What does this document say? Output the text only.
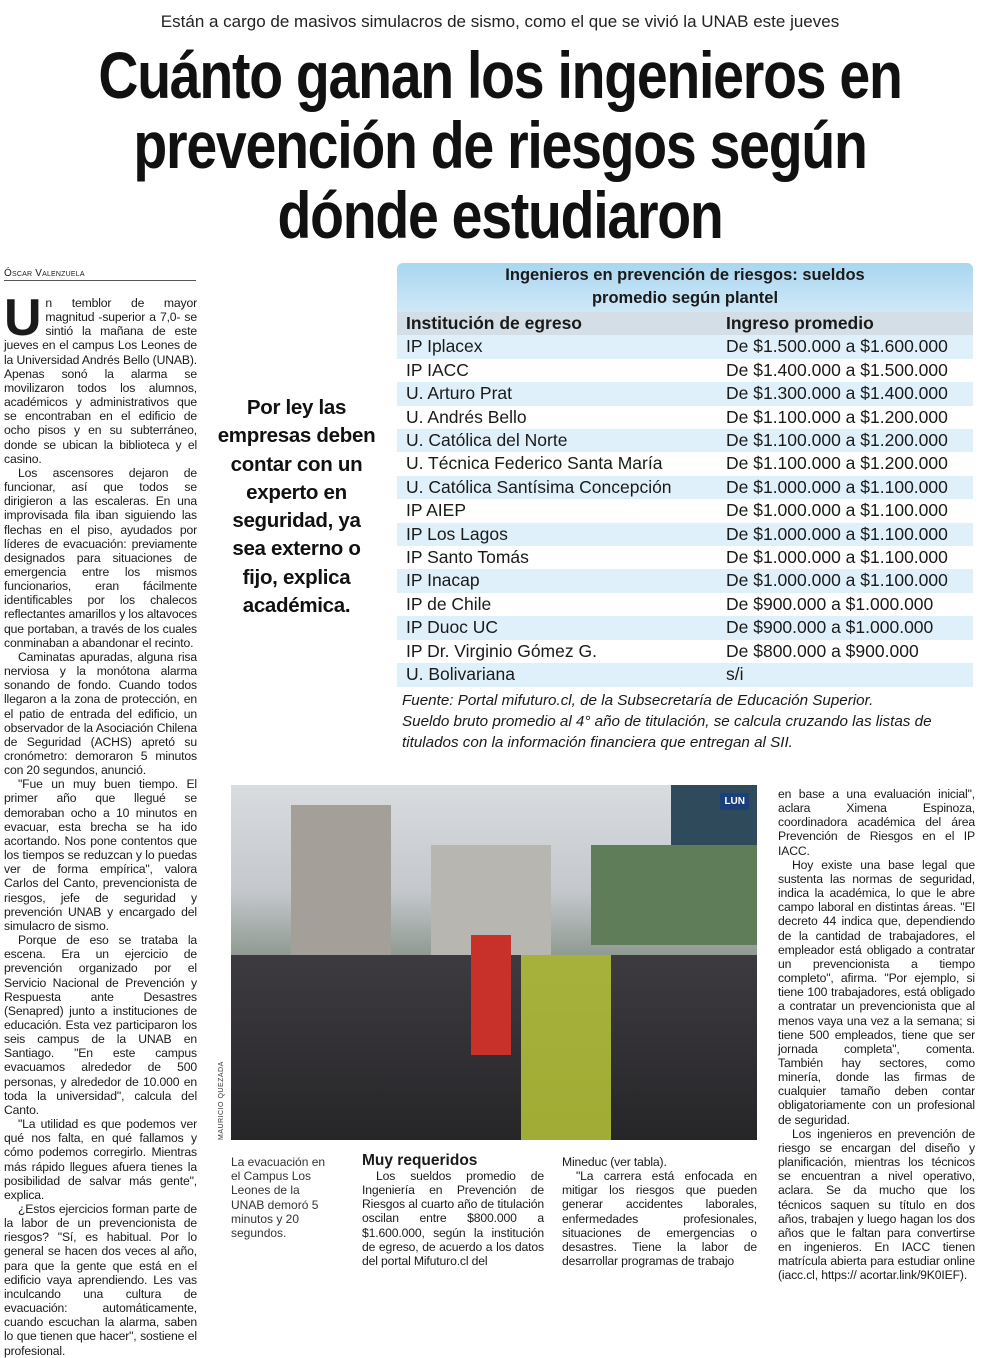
Están a cargo de masivos simulacros de sismo, como el que se vivió la UNAB este jueves
Cuánto ganan los ingenieros en
prevención de riesgos según
dónde estudiaron
Óscar Valenzuela

Un temblor de mayor magnitud -superior a 7,0- se sintió la mañana de este jueves en el campus Los Leones de la Universidad Andrés Bello (UNAB). Apenas sonó la alarma se movilizaron todos los alumnos, académicos y administrativos que se encontraban en el edificio de ocho pisos y en su subterráneo, donde se ubican la biblioteca y el casino.

Los ascensores dejaron de funcionar, así que todos se dirigieron a las escaleras. En una improvisada fila iban siguiendo las flechas en el piso, ayudados por líderes de evacuación: previamente designados para situaciones de emergencia entre los mismos funcionarios, eran fácilmente identificables por los chalecos reflectantes amarillos y los altavoces que portaban, a través de los cuales conminaban a abandonar el recinto.

Caminatas apuradas, alguna risa nerviosa y la monótona alarma sonando de fondo. Cuando todos llegaron a la zona de protección, en el patio de entrada del edificio, un observador de la Asociación Chilena de Seguridad (ACHS) apretó su cronómetro: demoraron 5 minutos con 20 segundos, anunció.

"Fue un muy buen tiempo. El primer año que llegué se demoraban ocho a 10 minutos en evacuar, esta brecha se ha ido acortando. Nos pone contentos que los tiempos se reduzcan y lo puedas ver de forma empírica", valora Carlos del Canto, prevencionista de riesgos, jefe de seguridad y prevención UNAB y encargado del simulacro de sismo.

Porque de eso se trataba la escena. Era un ejercicio de prevención organizado por el Servicio Nacional de Prevención y Respuesta ante Desastres (Senapred) junto a instituciones de educación. Esta vez participaron los seis campus de la UNAB en Santiago. "En este campus evacuamos alrededor de 500 personas, y alrededor de 10.000 en toda la universidad", calcula del Canto.

"La utilidad es que podemos ver qué nos falta, en qué fallamos y cómo podemos corregirlo. Mientras más rápido llegues afuera tienes la posibilidad de salvar más gente", explica.

¿Estos ejercicios forman parte de la labor de un prevencionista de riesgos? "Sí, es habitual. Por lo general se hacen dos veces al año, para que la gente que está en el edificio vaya aprendiendo. Les vas inculcando una cultura de evacuación: automáticamente, cuando escuchan la alarma, saben lo que tienen que hacer", sostiene el profesional.

Por ley las empresas deben contar con un experto en seguridad, ya sea externo o fijo, explica académica.
Ingenieros en prevención de riesgos: sueldos
promedio según plantel
Institución de egreso	Ingreso promedio
IP Iplacex	De $1.500.000 a $1.600.000
IP IACC	De $1.400.000 a $1.500.000
U. Arturo Prat	De $1.300.000 a $1.400.000
U. Andrés Bello	De $1.100.000 a $1.200.000
U. Católica del Norte	De $1.100.000 a $1.200.000
U. Técnica Federico Santa María	De $1.100.000 a $1.200.000
U. Católica Santísima Concepción	De $1.000.000 a $1.100.000
IP AIEP	De $1.000.000 a $1.100.000
IP Los Lagos	De $1.000.000 a $1.100.000
IP Santo Tomás	De $1.000.000 a $1.100.000
IP Inacap	De $1.000.000 a $1.100.000
IP de Chile	De $900.000 a $1.000.000
IP Duoc UC	De $900.000 a $1.000.000
IP Dr. Virginio Gómez G.	De $800.000 a $900.000
U. Bolivariana	s/i
Fuente: Portal mifuturo.cl, de la Subsecretaría de Educación Superior.
Sueldo bruto promedio al 4° año de titulación, se calcula cruzando las listas de titulados con la información financiera que entregan al SII.
LUN
MAURICIO QUEZADA
La evacuación en el Campus Los Leones de la UNAB demoró 5 minutos y 20 segundos.
Muy requeridos

Los sueldos promedio de Ingeniería en Prevención de Riesgos al cuarto año de titulación oscilan entre $800.000 a $1.600.000, según la institución de egreso, de acuerdo a los datos del portal Mifuturo.cl del

Mineduc (ver tabla).

"La carrera está enfocada en mitigar los riesgos que pueden generar accidentes laborales, enfermedades profesionales, situaciones de emergencias o desastres. Tiene la labor de desarrollar programas de trabajo

en base a una evaluación inicial", aclara Ximena Espinoza, coordinadora académica del área Prevención de Riesgos en el IP IACC.

Hoy existe una base legal que sustenta las normas de seguridad, indica la académica, lo que le abre campo laboral en distintas áreas. "El decreto 44 indica que, dependiendo de la cantidad de trabajadores, el empleador está obligado a contratar un prevencionista a tiempo completo", afirma. "Por ejemplo, si tiene 100 trabajadores, está obligado a contratar un prevencionista que al menos vaya una vez a la semana; si tiene 500 empleados, tiene que ser jornada completa", comenta. También hay sectores, como minería, donde las firmas de cualquier tamaño deben contar obligatoriamente con un profesional de seguridad.

Los ingenieros en prevención de riesgo se encargan del diseño y planificación, mientras los técnicos se encuentran a nivel operativo, aclara. Se da mucho que los técnicos saquen su título en dos años, trabajen y luego hagan los dos años que le faltan para convertirse en ingenieros. En IACC tienen matrícula abierta para estudiar online (iacc.cl, https:// acortar.link/9K0IEF).
